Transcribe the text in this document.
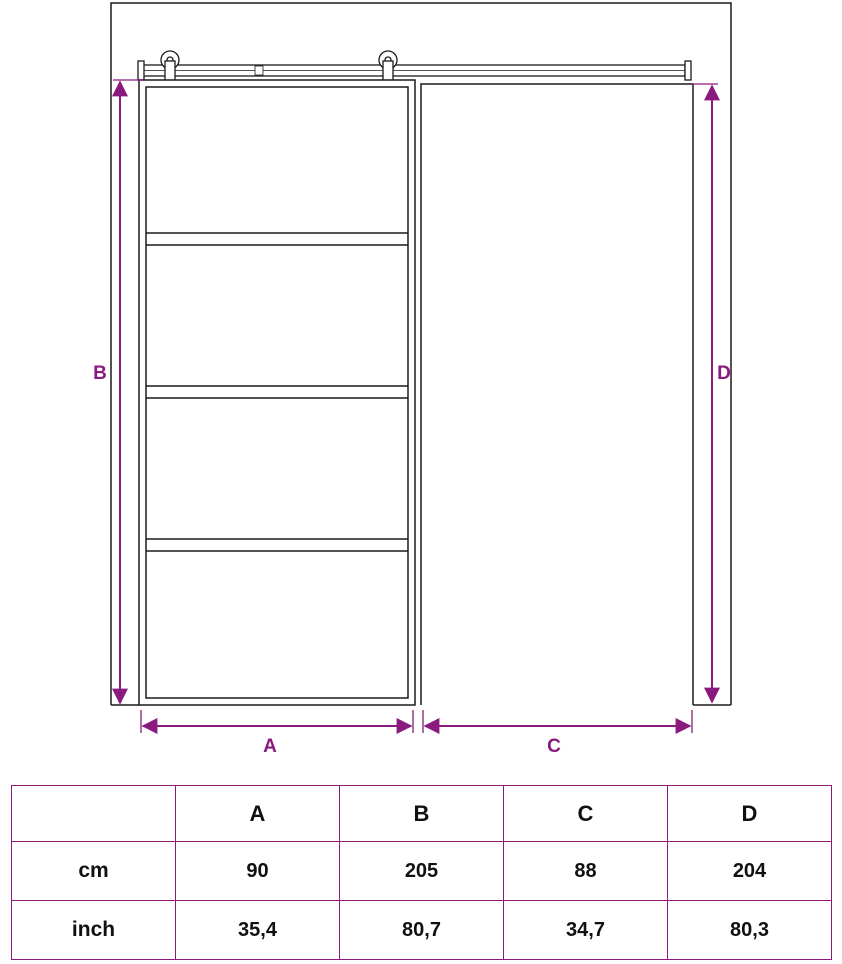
A	C
B	D
	A	B	C	D
cm	90	205	88	204
inch	35,4	80,7	34,7	80,3
